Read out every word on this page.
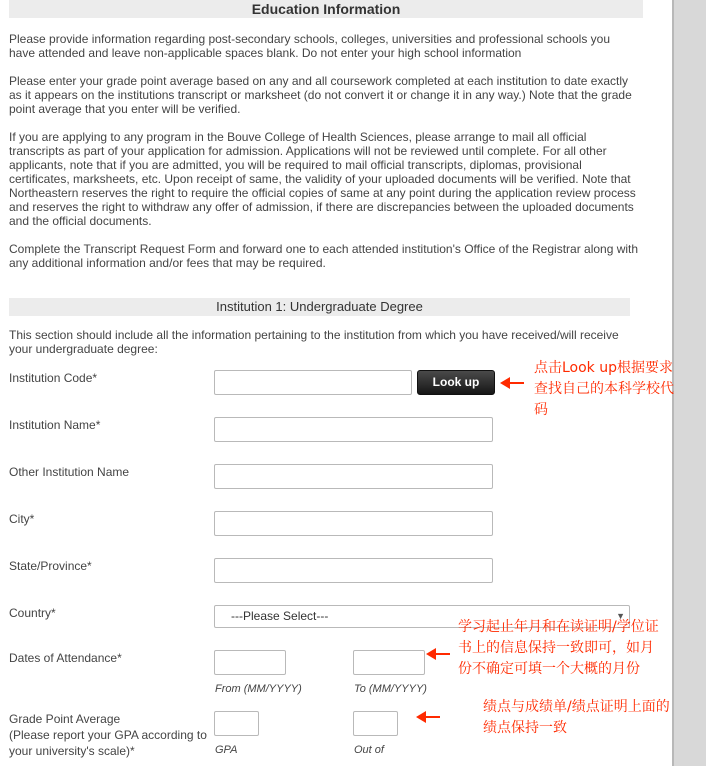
Education Information

Please provide information regarding post-secondary schools, colleges, universities and professional schools you have attended and leave non-applicable spaces blank. Do not enter your high school information

Please enter your grade point average based on any and all coursework completed at each institution to date exactly as it appears on the institutions transcript or marksheet (do not convert it or change it in any way.) Note that the grade point average that you enter will be verified.

If you are applying to any program in the Bouve College of Health Sciences, please arrange to mail all official transcripts as part of your application for admission. Applications will not be reviewed until complete. For all other applicants, note that if you are admitted, you will be required to mail official transcripts, diplomas, provisional certificates, marksheets, etc. Upon receipt of same, the validity of your uploaded documents will be verified. Note that Northeastern reserves the right to require the official copies of same at any point during the application review process and reserves the right to withdraw any offer of admission, if there are discrepancies between the uploaded documents and the official documents.

Complete the Transcript Request Form and forward one to each attended institution's Office of the Registrar along with any additional information and/or fees that may be required.

Institution 1: Undergraduate Degree

This section should include all the information pertaining to the institution from which you have received/will receive your undergraduate degree:

Institution Code*	Look up
Institution Name*
Other Institution Name
City*
State/Province*
Country*	---Please Select---	▼
Dates of Attendance*
From (MM/YYYY)	To (MM/YYYY)
Grade Point Average
(Please report your GPA according to
your university's scale)*	GPA	Out of
点击Look up根据要求
查找自己的本科学校代
码
学习起止年月和在读证明/学位证
书上的信息保持一致即可，如月
份不确定可填一个大概的月份
绩点与成绩单/绩点证明上面的
绩点保持一致
